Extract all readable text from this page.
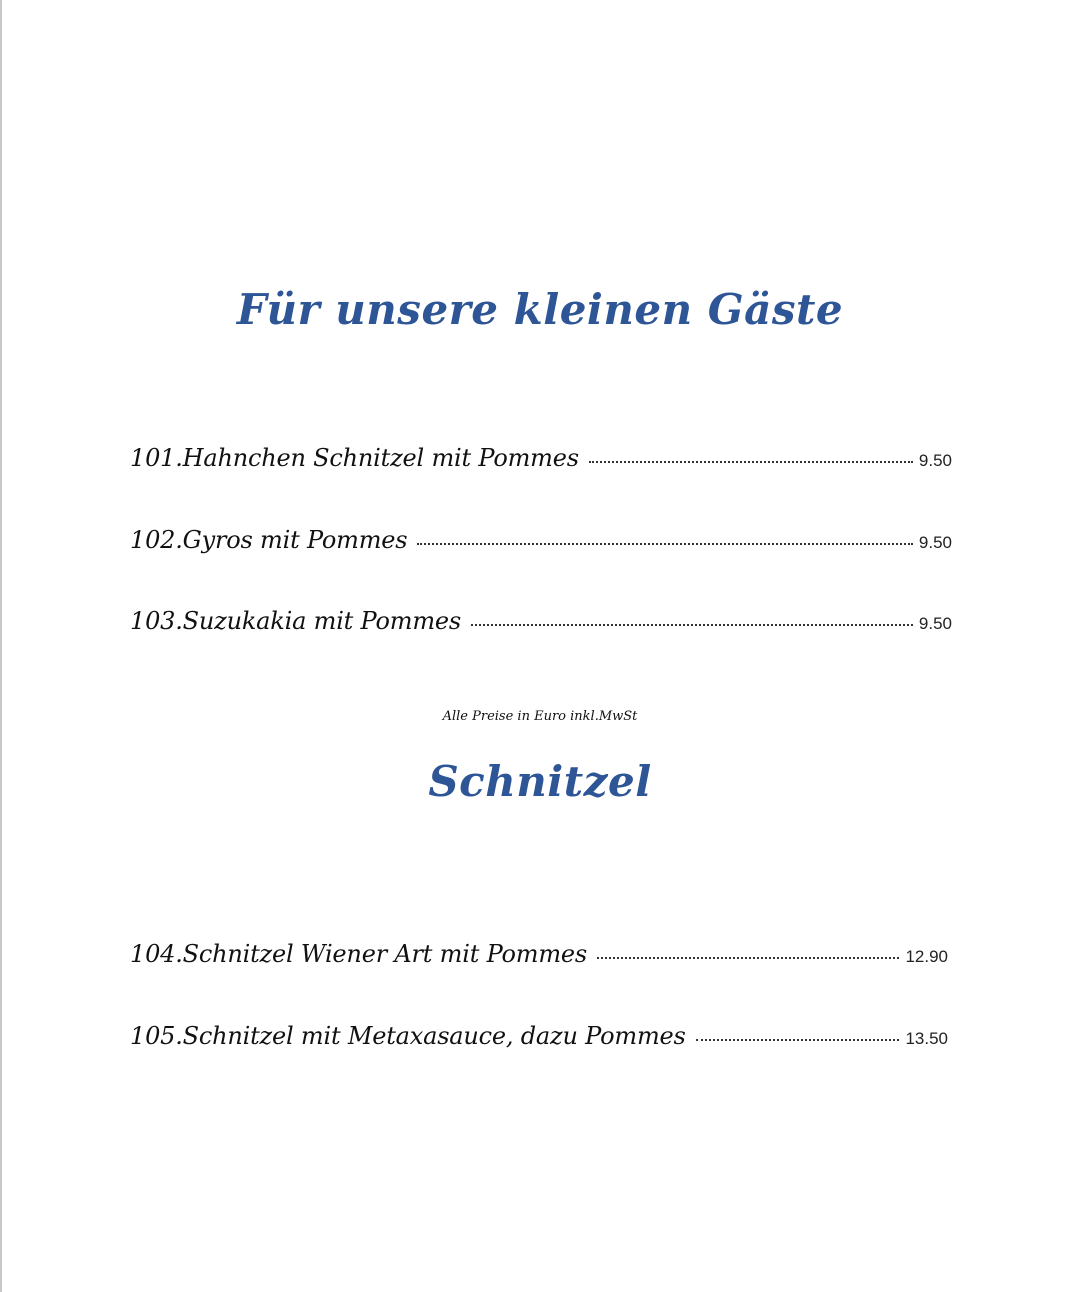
Für unsere kleinen Gäste
101.Hahnchen Schnitzel mit Pommes	9.50
102.Gyros mit Pommes	9.50
103.Suzukakia mit Pommes	9.50
Alle Preise in Euro inkl.MwSt
Schnitzel
104.Schnitzel Wiener Art mit Pommes	12.90
105.Schnitzel mit Metaxasauce, dazu Pommes	13.50
